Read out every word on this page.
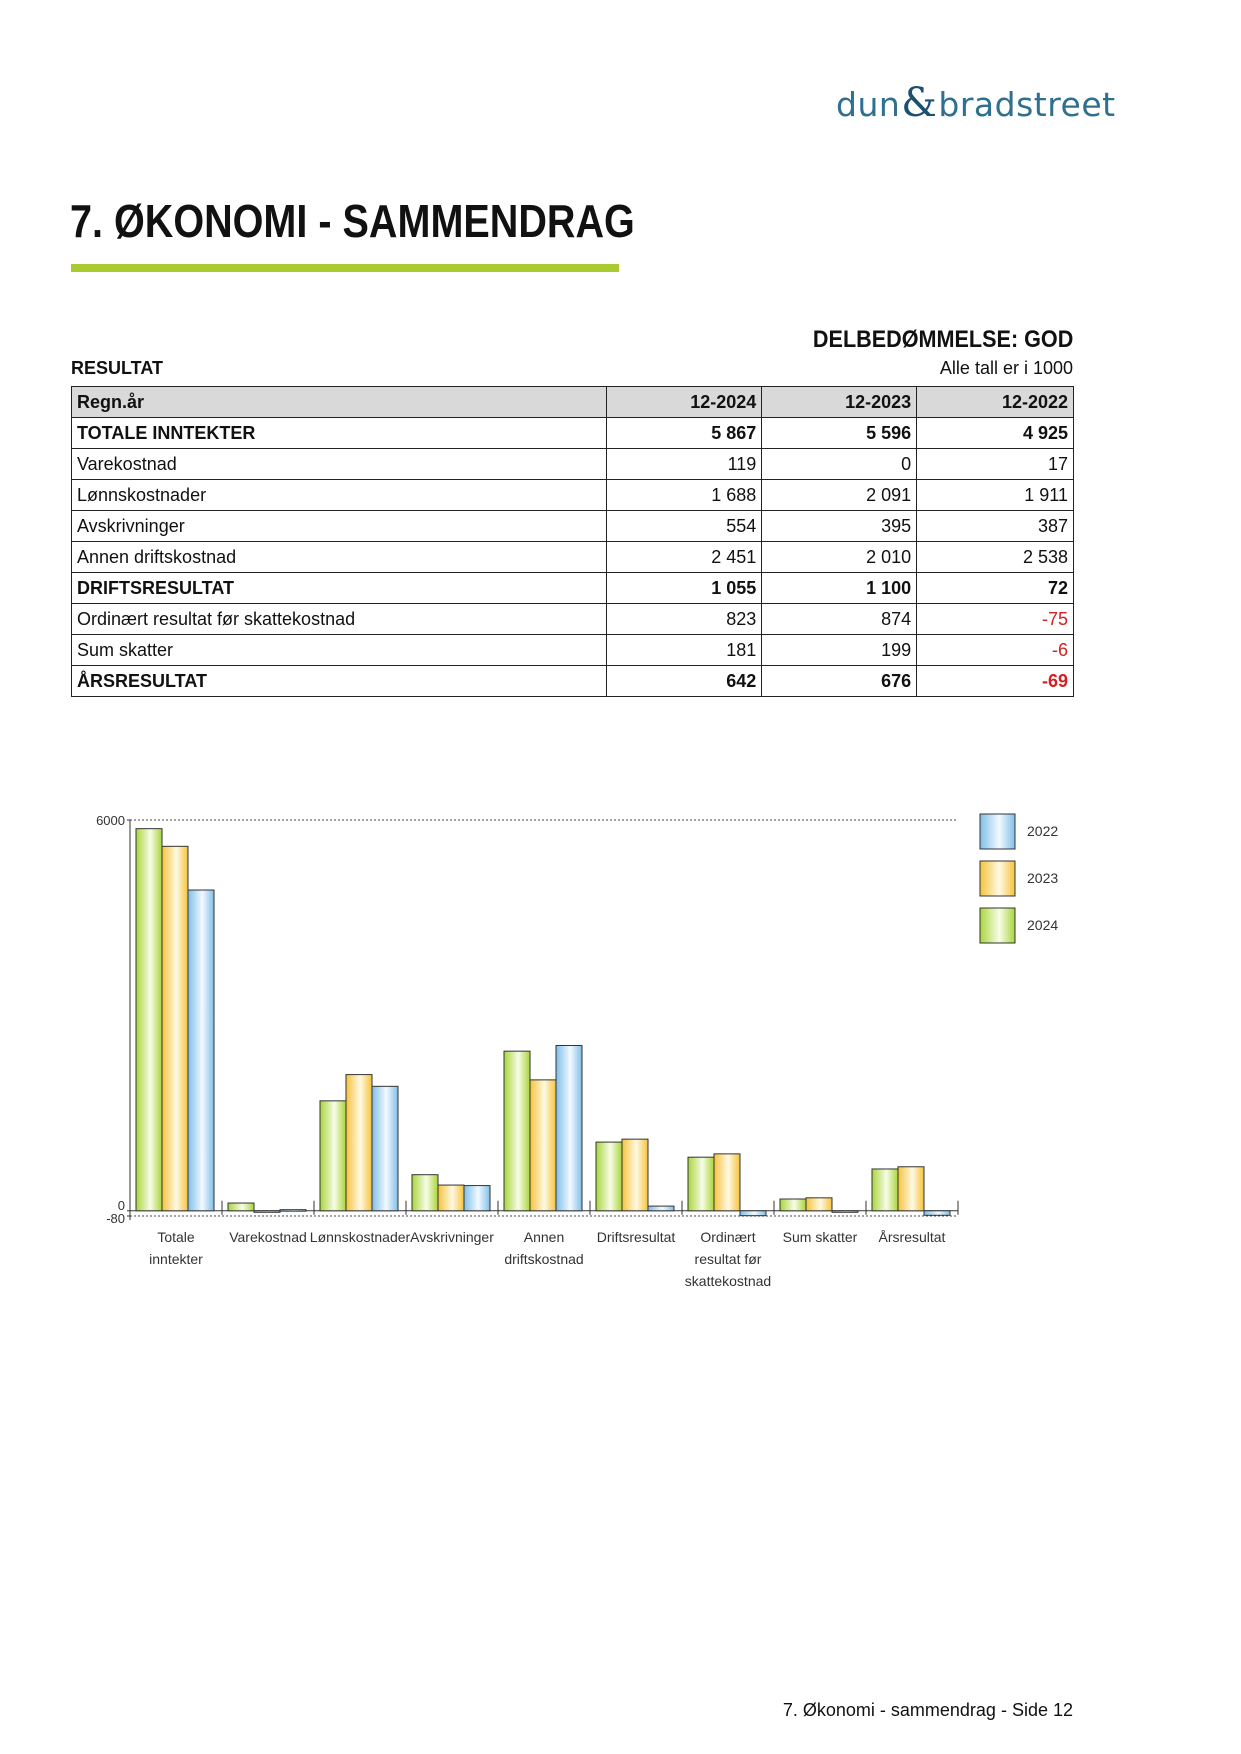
dun & bradstreet
7. ØKONOMI - SAMMENDRAG
DELBEDØMMELSE: GOD
RESULTAT	Alle tall er i 1000
Regn.år	12-2024	12-2023	12-2022
TOTALE INNTEKTER	5 867	5 596	4 925
Varekostnad	119	0	17
Lønnskostnader	1 688	2 091	1 911
Avskrivninger	554	395	387
Annen driftskostnad	2 451	2 010	2 538
DRIFTSRESULTAT	1 055	1 100	72
Ordinært resultat før skattekostnad	823	874	-75
Sum skatter	181	199	-6
ÅRSRESULTAT	642	676	-69
6000
0
-80
Totale
inntekter
Varekostnad Lønnskostnader Avskrivninger Annen
driftskostnad
Driftsresultat Ordinært
resultat før
skattekostnad
Sum skatter Årsresultat
2022
2023
2024
7. Økonomi - sammendrag - Side 12
